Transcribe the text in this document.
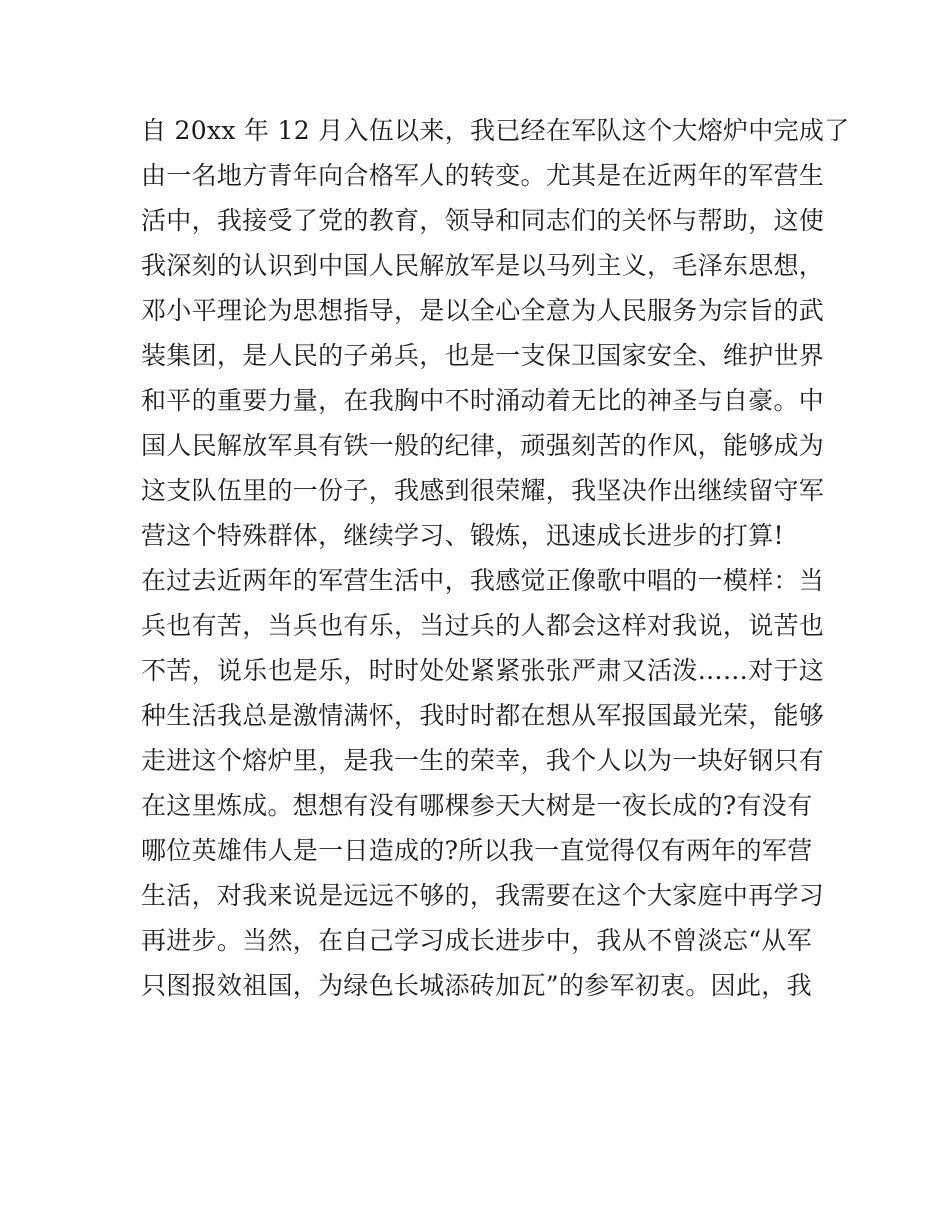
自 20xx 年 12 月入伍以来，我已经在军队这个大熔炉中完成了
由一名地方青年向合格军人的转变。尤其是在近两年的军营生
活中，我接受了党的教育，领导和同志们的关怀与帮助，这使
我深刻的认识到中国人民解放军是以马列主义，毛泽东思想，
邓小平理论为思想指导，是以全心全意为人民服务为宗旨的武
装集团，是人民的子弟兵，也是一支保卫国家安全、维护世界
和平的重要力量，在我胸中不时涌动着无比的神圣与自豪。中
国人民解放军具有铁一般的纪律，顽强刻苦的作风，能够成为
这支队伍里的一份子，我感到很荣耀，我坚决作出继续留守军
营这个特殊群体，继续学习、锻炼，迅速成长进步的打算!
在过去近两年的军营生活中，我感觉正像歌中唱的一模样：当
兵也有苦，当兵也有乐，当过兵的人都会这样对我说，说苦也
不苦，说乐也是乐，时时处处紧紧张张严肃又活泼……对于这
种生活我总是激情满怀，我时时都在想从军报国最光荣，能够
走进这个熔炉里，是我一生的荣幸，我个人以为一块好钢只有
在这里炼成。想想有没有哪棵参天大树是一夜长成的?有没有
哪位英雄伟人是一日造成的?所以我一直觉得仅有两年的军营
生活，对我来说是远远不够的，我需要在这个大家庭中再学习
再进步。当然，在自己学习成长进步中，我从不曾淡忘“从军
只图报效祖国，为绿色长城添砖加瓦”的参军初衷。因此，我
